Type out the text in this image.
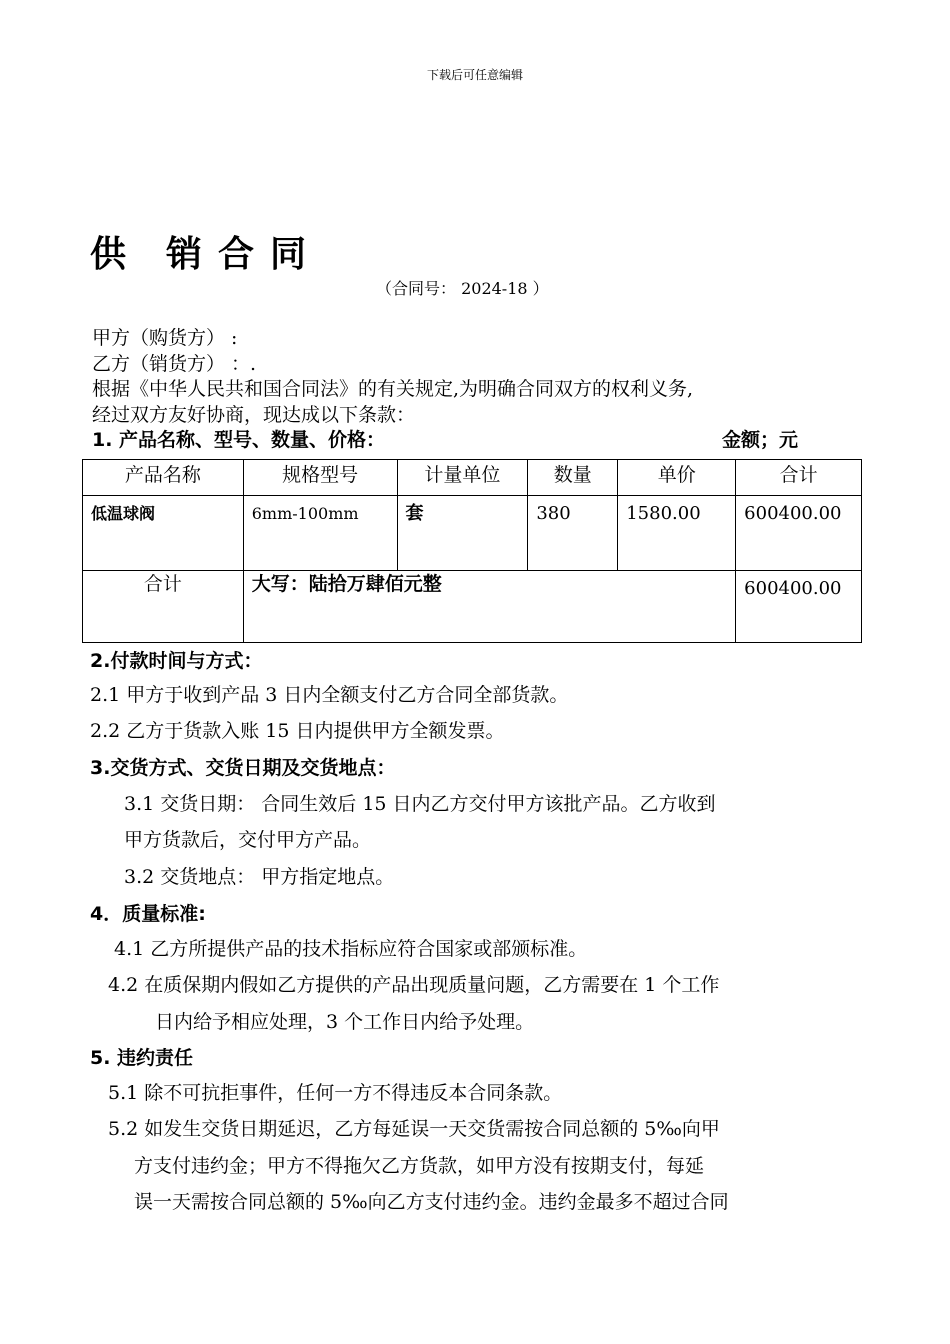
下载后可任意编辑
供 销 合 同
（合同号： 2024-18 ）
甲方（购货方） :
乙方（销货方） ：.
根据《中华人民共和国合同法》的有关规定,为明确合同双方的权利义务,
经过双方友好协商，现达成以下条款：
1. 产品名称、型号、数量、价格：	金额；元
产品名称	规格型号	计量单位	数量	单价	合计
低温球阀	6mm-100mm	套	380	1580.00	600400.00
合计	大写：陆拾万肆佰元整				600400.00
2.付款时间与方式：
2.1 甲方于收到产品 3 日内全额支付乙方合同全部货款。
2.2 乙方于货款入账 15 日内提供甲方全额发票。
3.交货方式、交货日期及交货地点：
3.1 交货日期： 合同生效后 15 日内乙方交付甲方该批产品。乙方收到
甲方货款后，交付甲方产品。
3.2 交货地点： 甲方指定地点。
4．质量标准:
4.1 乙方所提供产品的技术指标应符合国家或部颁标准。
4.2 在质保期内假如乙方提供的产品出现质量问题，乙方需要在 1 个工作
日内给予相应处理，3 个工作日内给予处理。
5. 违约责任
5.1 除不可抗拒事件，任何一方不得违反本合同条款。
5.2 如发生交货日期延迟，乙方每延误一天交货需按合同总额的 5‰向甲
方支付违约金；甲方不得拖欠乙方货款，如甲方没有按期支付，每延
误一天需按合同总额的 5‰向乙方支付违约金。违约金最多不超过合同
